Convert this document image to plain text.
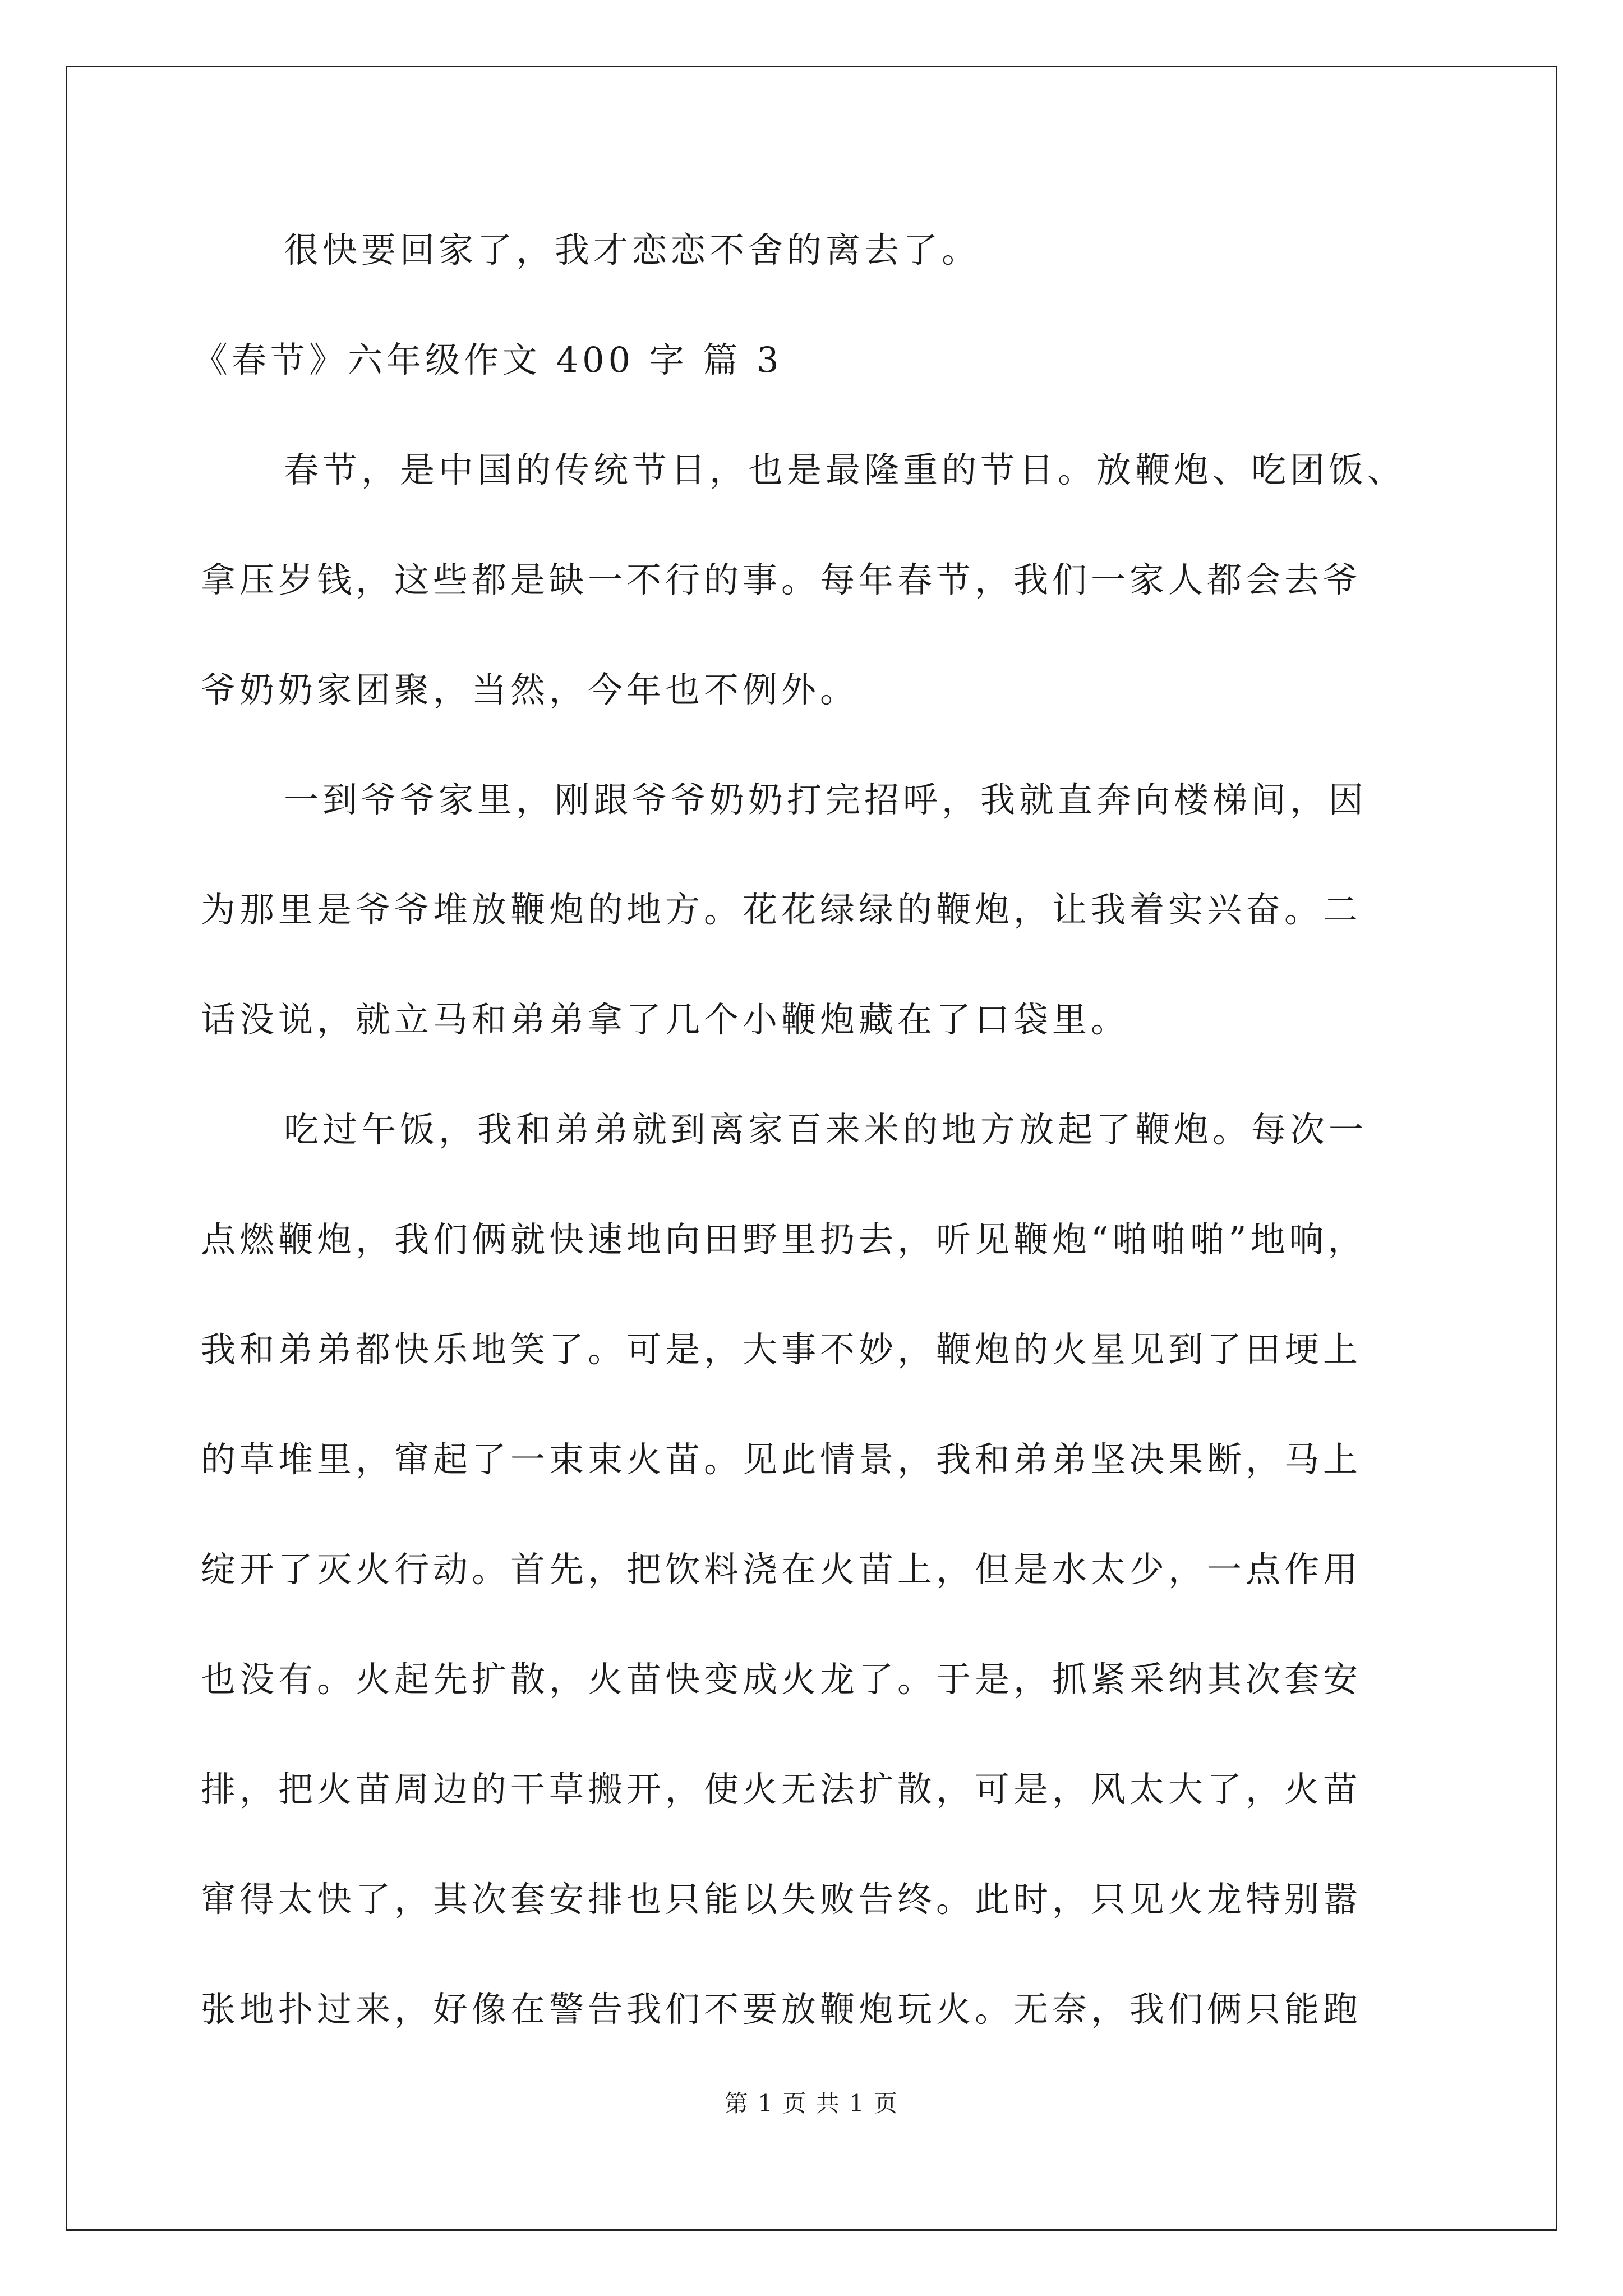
很快要回家了，我才恋恋不舍的离去了。
《春节》六年级作文 400 字 篇 3
春节，是中国的传统节日，也是最隆重的节日。放鞭炮、吃团饭、
拿压岁钱，这些都是缺一不行的事。每年春节，我们一家人都会去爷
爷奶奶家团聚，当然，今年也不例外。
一到爷爷家里，刚跟爷爷奶奶打完招呼，我就直奔向楼梯间，因
为那里是爷爷堆放鞭炮的地方。花花绿绿的鞭炮，让我着实兴奋。二
话没说，就立马和弟弟拿了几个小鞭炮藏在了口袋里。
吃过午饭，我和弟弟就到离家百来米的地方放起了鞭炮。每次一
点燃鞭炮，我们俩就快速地向田野里扔去，听见鞭炮“啪啪啪”地响，
我和弟弟都快乐地笑了。可是，大事不妙，鞭炮的火星见到了田埂上
的草堆里，窜起了一束束火苗。见此情景，我和弟弟坚决果断，马上
绽开了灭火行动。首先，把饮料浇在火苗上，但是水太少，一点作用
也没有。火起先扩散，火苗快变成火龙了。于是，抓紧采纳其次套安
排，把火苗周边的干草搬开，使火无法扩散，可是，风太大了，火苗
窜得太快了，其次套安排也只能以失败告终。此时，只见火龙特别嚣
张地扑过来，好像在警告我们不要放鞭炮玩火。无奈，我们俩只能跑
第 1 页 共 1 页
